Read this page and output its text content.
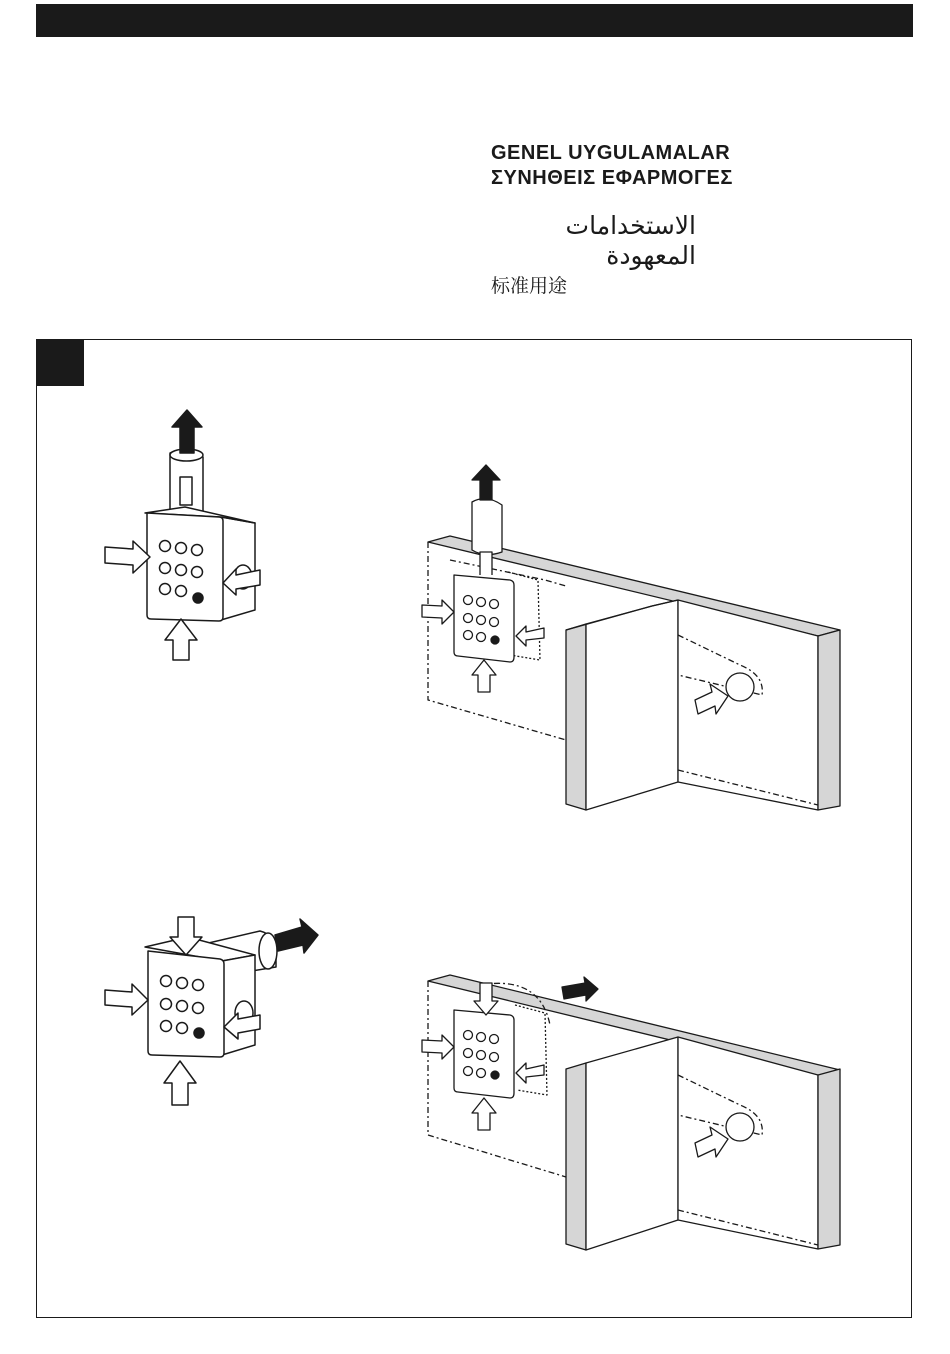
GENEL UYGULAMALAR
ΣΥΝΗΘΕΙΣ ΕΦΑΡΜΟΓΕΣ
الاستخدامات المعهودة
标准用途
